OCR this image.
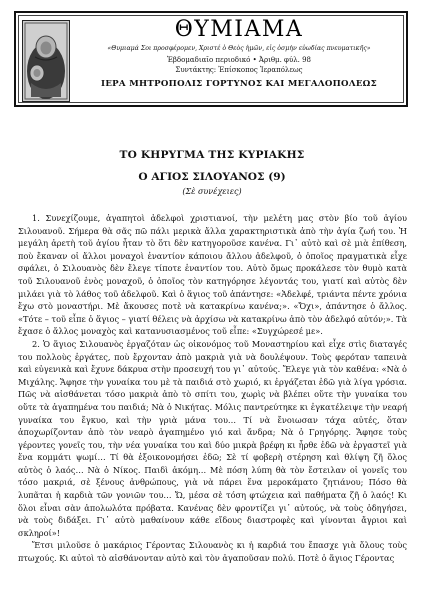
ΘΥΜΙΑΜΑ
«Θυμιαμά Σοι προσφέρομεν, Χριστέ ὁ Θεὸς ἡμῶν, εἰς ὀσμὴν εὐωδίας πνευματικῆς»
Ἑβδομαδιαῖο περιοδικό • Ἀριθμ. φύλ. 98
Συντάκτης: Ἐπίσκοπος Ἱεραπόλεως
ΙΕΡΑ ΜΗΤΡΟΠΟΛΙΣ ΓΟΡΤΥΝΟΣ ΚΑΙ ΜΕΓΑΛΟΠΟΛΕΩΣ
ΤΟ ΚΗΡΥΓΜΑ ΤΗΣ ΚΥΡΙΑΚΗΣ
Ο ΑΓΙΟΣ ΣΙΛΟΥΑΝΟΣ (9)
(Σὲ συνέχειες)

1. Συνεχίζουμε, ἀγαπητοὶ ἀδελφοὶ χριστιανοί, τὴν μελέτη μας στὸν βίο τοῦ ἁγίου Σιλουανοῦ. Σήμερα θὰ σᾶς πῶ πάλι μερικὰ ἄλλα χαρακτηριστικὰ ἀπὸ τὴν ἁγία ζωή του. Ἡ μεγάλη ἀρετὴ τοῦ ἁγίου ἦταν τὸ ὅτι δὲν κατηγοροῦσε κανένα. Γι᾽ αὐτὸ καὶ σὲ μιὰ ἐπίθεση, ποὺ ἔκαναν οἱ ἄλλοι μοναχοὶ ἐναντίον κάποιου ἄλλου ἀδελφοῦ, ὁ ὁποῖος πραγματικὰ εἶχε σφάλει, ὁ Σιλουανὸς δὲν ἔλεγε τίποτε ἐναντίον του. Αὐτὸ ὅμως προκάλεσε τὸν θυμὸ κατὰ τοῦ Σιλουανοῦ ἑνὸς μοναχοῦ, ὁ ὁποῖος τὸν κατηγόρησε λέγοντάς του, γιατί καὶ αὐτὸς δὲν μιλάει γιὰ τὸ λάθος τοῦ ἀδελφοῦ. Καὶ ὁ ἅγιος τοῦ ἀπάντησε: «Ἀδελφέ, τριάντα πέντε χρόνια ἔχω στὸ μοναστήρι. Μὲ ἄκουσες ποτὲ νὰ κατακρίνω κανένα;». «Ὄχι», ἀπάντησε ὁ ἄλλος. «Τότε – τοῦ εἶπε ὁ ἅγιος – γιατί θέλεις νὰ ἀρχίσω νὰ κατακρίνω ἀπὸ τὸν ἀδελφό αὐτόν;». Τὰ ἔχασε ὁ ἄλλος μοναχὸς καὶ κατανυσιασμένος τοῦ εἶπε: «Συγχώρεσέ με».

2. Ὁ ἅγιος Σιλουανὸς ἐργαζόταν ὡς οἰκονόμος τοῦ Μοναστηρίου καὶ εἶχε στὶς διαταγές του πολλοὺς ἐργάτες, ποὺ ἔρχονταν ἀπὸ μακριὰ γιὰ νὰ δουλέψουν. Τοὺς φερόταν ταπεινὰ καὶ εὐγενικὰ καὶ ἔχυνε δάκρυα στὴν προσευχή του γι᾽ αὐτούς. Ἔλεγε γιὰ τὸν καθένα: «Νὰ ὁ Μιχάλης. Ἄφησε τὴν γυναίκα του μὲ τὰ παιδιά στὸ χωριό, κι ἐργάζεται ἐδῶ γιὰ λίγα γρόσια. Πῶς νὰ αἰσθάνεται τόσο μακριὰ ἀπὸ τὸ σπίτι του, χωρὶς νὰ βλέπει οὔτε τὴν γυναίκα του οὔτε τὰ ἀγαπημένα του παιδιά; Νὰ ὁ Νικήτας. Μόλις παντρεύτηκε κι ἐγκατέλειψε τὴν νεαρή γυναίκα του ἔγκυο, καὶ τὴν γριὰ μάνα του… Τί νὰ ἔνοιωσαν τάχα αὐτές, ὅταν ἀποχωρίζονταν ἀπὸ τὸν νεαρὸ ἀγαπημένο γιό καὶ ἄνδρα; Νὰ ὁ Γρηγόρης. Ἄφησε τοὺς γέροντες γονεῖς του, τὴν νέα γυναίκα του καὶ δύο μικρὰ βρέφη κι ἦρθε ἐδῶ νὰ ἐργαστεῖ γιὰ ἕνα κομμάτι ψωμί… Τί θὰ ἐξοικονομήσει ἐδῶ; Σὲ τί φοβερὴ στέρηση καὶ θλίψη ζῆ ὅλος αὐτὸς ὁ λαός… Νὰ ὁ Νίκος. Παιδὶ ἀκόμη… Μὲ πόση λύπη θὰ τὸν ἔστειλαν οἱ γονεῖς του τόσο μακριά, σὲ ξένους ἀνθρώπους, γιὰ νὰ πάρει ἕνα μεροκάματο ζητιάνου; Πόσο θὰ λυπᾶται ἡ καρδιὰ τῶν γονιῶν του… Ὤ, μέσα σὲ τόση φτώχεια καὶ παθήματα ζῆ ὁ λαός! Κι ὅλοι εἶναι σὰν ἀπολωλότα πρόβατα. Κανένας δὲν φροντίζει γι᾽ αὐτούς, νὰ τοὺς ὁδηγήσει, νὰ τοὺς διδάξει. Γι᾽ αὐτὸ μαθαίνουν κάθε εἴδους διαστροφὲς καὶ γίνονται ἄγριοι καὶ σκληροί»!

Ἔτσι μιλοῦσε ὁ μακάριος Γέροντας Σιλουανὸς κι ἡ καρδιά του ἔπασχε γιὰ ὅλους τοὺς πτωχούς. Κι αὐτοὶ τὸ αἰσθάνονταν αὐτὸ καὶ τὸν ἀγαποῦσαν πολύ. Ποτὲ ὁ ἅγιος Γέροντας
